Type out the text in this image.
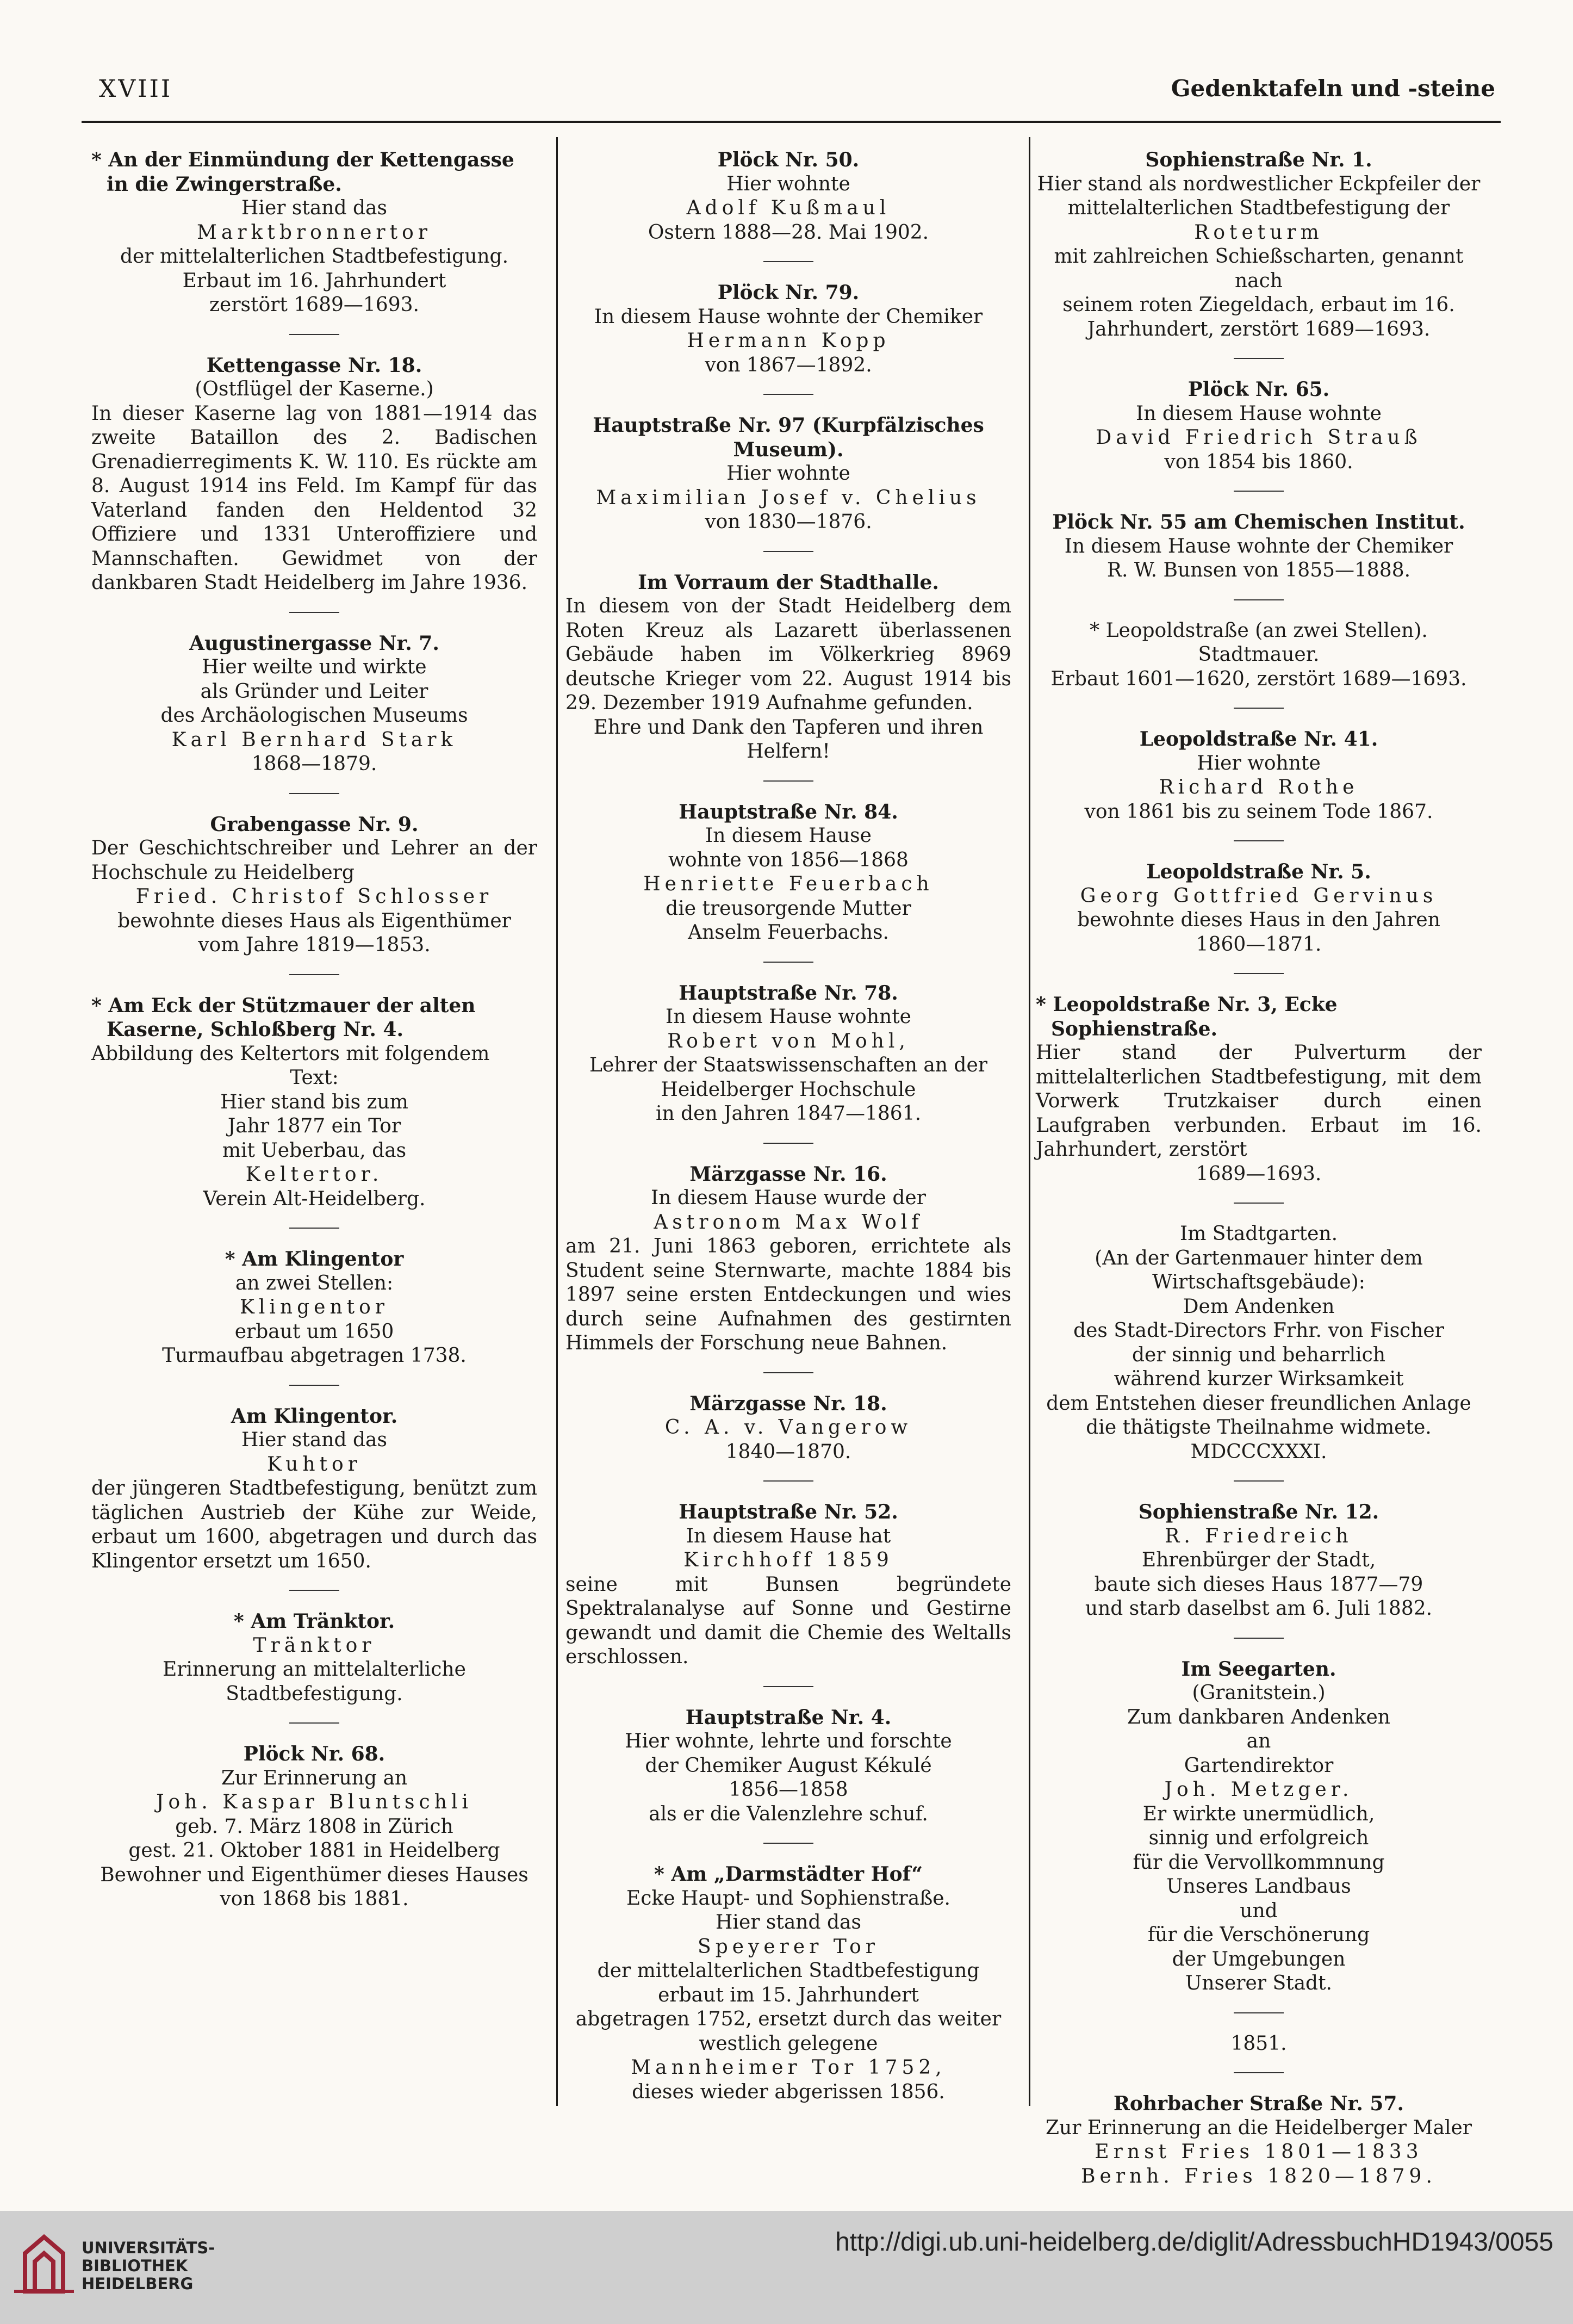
XVIII	Gedenktafeln und -steine

* An der Einmündung der Kettengasse in die Zwingerstraße.

Hier stand das

Marktbronnertor

der mittelalterlichen Stadtbefestigung.

Erbaut im 16. Jahrhundert

zerstört 1689—1693.

Kettengasse Nr. 18.

(Ostflügel der Kaserne.)

In dieser Kaserne lag von 1881—1914 das zweite Bataillon des 2. Badischen Grenadierregiments K. W. 110. Es rückte am 8. August 1914 ins Feld. Im Kampf für das Vaterland fanden den Heldentod 32 Offiziere und 1331 Unteroffiziere und Mannschaften. Gewidmet von der dankbaren Stadt Heidelberg im Jahre 1936.

Augustinergasse Nr. 7.

Hier weilte und wirkte

als Gründer und Leiter

des Archäologischen Museums

Karl Bernhard Stark

1868—1879.

Grabengasse Nr. 9.

Der Geschichtschreiber und Lehrer an der Hochschule zu Heidelberg

Fried. Christof Schlosser

bewohnte dieses Haus als Eigenthümer

vom Jahre 1819—1853.

* Am Eck der Stützmauer der alten Kaserne, Schloßberg Nr. 4.

Abbildung des Keltertors mit folgendem

Text:

Hier stand bis zum

Jahr 1877 ein Tor

mit Ueberbau, das

Keltertor.

Verein Alt-Heidelberg.

* Am Klingentor

an zwei Stellen:

Klingentor

erbaut um 1650

Turmaufbau abgetragen 1738.

Am Klingentor.

Hier stand das

Kuhtor

der jüngeren Stadtbefestigung, benützt zum täglichen Austrieb der Kühe zur Weide, erbaut um 1600, abgetragen und durch das Klingentor ersetzt um 1650.

* Am Tränktor.

Tränktor

Erinnerung an mittelalterliche

Stadtbefestigung.

Plöck Nr. 68.

Zur Erinnerung an

Joh. Kaspar Bluntschli

geb. 7. März 1808 in Zürich

gest. 21. Oktober 1881 in Heidelberg

Bewohner und Eigenthümer dieses Hauses

von 1868 bis 1881.

Plöck Nr. 50.

Hier wohnte

Adolf Kußmaul

Ostern 1888—28. Mai 1902.

Plöck Nr. 79.

In diesem Hause wohnte der Chemiker

Hermann Kopp

von 1867—1892.

Hauptstraße Nr. 97 (Kurpfälzisches Museum).

Hier wohnte

Maximilian Josef v. Chelius

von 1830—1876.

Im Vorraum der Stadthalle.

In diesem von der Stadt Heidelberg dem Roten Kreuz als Lazarett überlassenen Gebäude haben im Völkerkrieg 8969 deutsche Krieger vom 22. August 1914 bis 29. Dezember 1919 Aufnahme gefunden.

Ehre und Dank den Tapferen und ihren Helfern!

Hauptstraße Nr. 84.

In diesem Hause

wohnte von 1856—1868

Henriette Feuerbach

die treusorgende Mutter

Anselm Feuerbachs.

Hauptstraße Nr. 78.

In diesem Hause wohnte

Robert von Mohl,

Lehrer der Staatswissenschaften an der

Heidelberger Hochschule

in den Jahren 1847—1861.

Märzgasse Nr. 16.

In diesem Hause wurde der

Astronom Max Wolf

am 21. Juni 1863 geboren, errichtete als Student seine Sternwarte, machte 1884 bis 1897 seine ersten Entdeckungen und wies durch seine Aufnahmen des gestirnten Himmels der Forschung neue Bahnen.

Märzgasse Nr. 18.

C. A. v. Vangerow

1840—1870.

Hauptstraße Nr. 52.

In diesem Hause hat

Kirchhoff 1859

seine mit Bunsen begründete Spektralanalyse auf Sonne und Gestirne gewandt und damit die Chemie des Weltalls erschlossen.

Hauptstraße Nr. 4.

Hier wohnte, lehrte und forschte

der Chemiker August Kékulé

1856—1858

als er die Valenzlehre schuf.

* Am „Darmstädter Hof“

Ecke Haupt- und Sophienstraße.

Hier stand das

Speyerer Tor

der mittelalterlichen Stadtbefestigung

erbaut im 15. Jahrhundert

abgetragen 1752, ersetzt durch das weiter

westlich gelegene

Mannheimer Tor 1752,

dieses wieder abgerissen 1856.

Sophienstraße Nr. 1.

Hier stand als nordwestlicher Eckpfeiler der

mittelalterlichen Stadtbefestigung der

Roteturm

mit zahlreichen Schießscharten, genannt nach

seinem roten Ziegeldach, erbaut im 16. Jahrhundert, zerstört 1689—1693.

Plöck Nr. 65.

In diesem Hause wohnte

David Friedrich Strauß

von 1854 bis 1860.

Plöck Nr. 55 am Chemischen Institut.

In diesem Hause wohnte der Chemiker

R. W. Bunsen von 1855—1888.

* Leopoldstraße (an zwei Stellen).

Stadtmauer.

Erbaut 1601—1620, zerstört 1689—1693.

Leopoldstraße Nr. 41.

Hier wohnte

Richard Rothe

von 1861 bis zu seinem Tode 1867.

Leopoldstraße Nr. 5.

Georg Gottfried Gervinus

bewohnte dieses Haus in den Jahren

1860—1871.

* Leopoldstraße Nr. 3, Ecke Sophienstraße.

Hier stand der Pulverturm der mittelalterlichen Stadtbefestigung, mit dem Vorwerk Trutzkaiser durch einen Laufgraben verbunden. Erbaut im 16. Jahrhundert, zerstört

1689—1693.

Im Stadtgarten.

(An der Gartenmauer hinter dem Wirtschaftsgebäude):

Dem Andenken

des Stadt-Directors Frhr. von Fischer

der sinnig und beharrlich

während kurzer Wirksamkeit

dem Entstehen dieser freundlichen Anlage

die thätigste Theilnahme widmete.

MDCCCXXXI.

Sophienstraße Nr. 12.

R. Friedreich

Ehrenbürger der Stadt,

baute sich dieses Haus 1877—79

und starb daselbst am 6. Juli 1882.

Im Seegarten.

(Granitstein.)

Zum dankbaren Andenken

an

Gartendirektor

Joh. Metzger.

Er wirkte unermüdlich,

sinnig und erfolgreich

für die Vervollkommnung

Unseres Landbaus

und

für die Verschönerung

der Umgebungen

Unserer Stadt.

1851.

Rohrbacher Straße Nr. 57.

Zur Erinnerung an die Heidelberger Maler

Ernst Fries 1801—1833

Bernh. Fries 1820—1879.

UNIVERSITÄTS-
BIBLIOTHEK
HEIDELBERG
http://digi.ub.uni-heidelberg.de/diglit/AdressbuchHD1943/0055
